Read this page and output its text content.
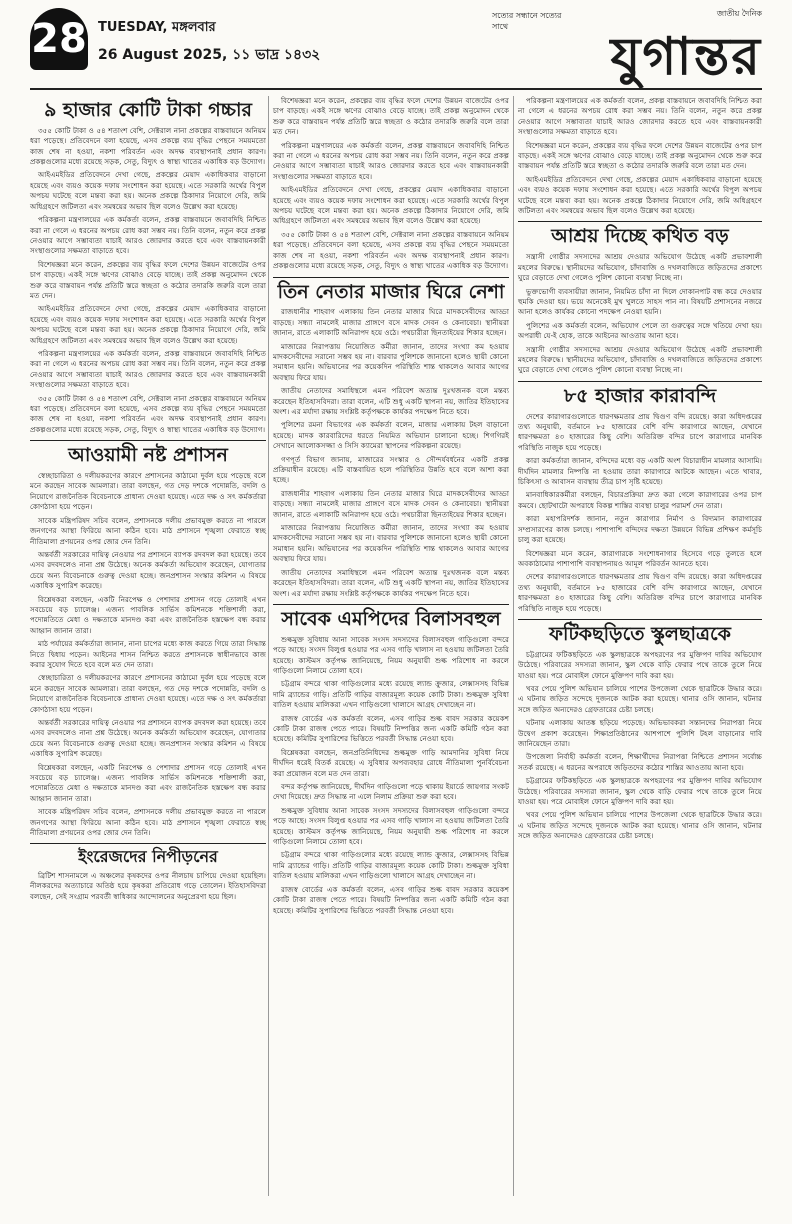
28 TUESDAY, মঙ্গলবার
26 August 2025, ১১ ভাদ্র ১৪৩২
সত্যের সন্ধানে সত্যের সাথে
জাতীয় দৈনিক
যুগান্তর
৯ হাজার কোটি টাকা গচ্চার

৩৫৫ কোটি টাকা ও ৫৪ শতাংশ বেশি, সেক্টরাল নানা প্রকল্পের বাস্তবায়নে অনিয়ম ধরা পড়েছে। প্রতিবেদনে বলা হয়েছে, এসব প্রকল্পে ব্যয় বৃদ্ধির পেছনে সময়মতো কাজ শেষ না হওয়া, নকশা পরিবর্তন এবং অদক্ষ ব্যবস্থাপনাই প্রধান কারণ। প্রকল্পগুলোর মধ্যে রয়েছে সড়ক, সেতু, বিদ্যুৎ ও স্বাস্থ্য খাতের একাধিক বড় উদ্যোগ।

আইএমইডির প্রতিবেদনে দেখা গেছে, প্রকল্পের মেয়াদ একাধিকবার বাড়ানো হয়েছে এবং ব্যয়ও কয়েক দফায় সংশোধন করা হয়েছে। এতে সরকারি অর্থের বিপুল অপচয় ঘটেছে বলে মন্তব্য করা হয়। অনেক প্রকল্পে ঠিকাদার নিয়োগে দেরি, জমি অধিগ্রহণে জটিলতা এবং সমন্বয়ের অভাব ছিল বলেও উল্লেখ করা হয়েছে।

পরিকল্পনা মন্ত্রণালয়ের এক কর্মকর্তা বলেন, প্রকল্প বাস্তবায়নে জবাবদিহি নিশ্চিত করা না গেলে এ ধরনের অপচয় রোধ করা সম্ভব নয়। তিনি বলেন, নতুন করে প্রকল্প নেওয়ার আগে সম্ভাব্যতা যাচাই আরও জোরদার করতে হবে এবং বাস্তবায়নকারী সংস্থাগুলোর সক্ষমতা বাড়াতে হবে।

বিশেষজ্ঞরা মনে করেন, প্রকল্পের ব্যয় বৃদ্ধির ফলে দেশের উন্নয়ন বাজেটের ওপর চাপ বাড়ছে। একই সঙ্গে ঋণের বোঝাও বেড়ে যাচ্ছে। তাই প্রকল্প অনুমোদন থেকে শুরু করে বাস্তবায়ন পর্যন্ত প্রতিটি স্তরে স্বচ্ছতা ও কঠোর তদারকি জরুরি বলে তারা মত দেন।

আইএমইডির প্রতিবেদনে দেখা গেছে, প্রকল্পের মেয়াদ একাধিকবার বাড়ানো হয়েছে এবং ব্যয়ও কয়েক দফায় সংশোধন করা হয়েছে। এতে সরকারি অর্থের বিপুল অপচয় ঘটেছে বলে মন্তব্য করা হয়। অনেক প্রকল্পে ঠিকাদার নিয়োগে দেরি, জমি অধিগ্রহণে জটিলতা এবং সমন্বয়ের অভাব ছিল বলেও উল্লেখ করা হয়েছে।

পরিকল্পনা মন্ত্রণালয়ের এক কর্মকর্তা বলেন, প্রকল্প বাস্তবায়নে জবাবদিহি নিশ্চিত করা না গেলে এ ধরনের অপচয় রোধ করা সম্ভব নয়। তিনি বলেন, নতুন করে প্রকল্প নেওয়ার আগে সম্ভাব্যতা যাচাই আরও জোরদার করতে হবে এবং বাস্তবায়নকারী সংস্থাগুলোর সক্ষমতা বাড়াতে হবে।

৩৫৫ কোটি টাকা ও ৫৪ শতাংশ বেশি, সেক্টরাল নানা প্রকল্পের বাস্তবায়নে অনিয়ম ধরা পড়েছে। প্রতিবেদনে বলা হয়েছে, এসব প্রকল্পে ব্যয় বৃদ্ধির পেছনে সময়মতো কাজ শেষ না হওয়া, নকশা পরিবর্তন এবং অদক্ষ ব্যবস্থাপনাই প্রধান কারণ। প্রকল্পগুলোর মধ্যে রয়েছে সড়ক, সেতু, বিদ্যুৎ ও স্বাস্থ্য খাতের একাধিক বড় উদ্যোগ।

আওয়ামী নষ্ট প্রশাসন

স্বেচ্ছাচারিতা ও দলীয়করণের কারণে প্রশাসনের কাঠামো দুর্বল হয়ে পড়েছে বলে মনে করছেন সাবেক আমলারা। তারা বলছেন, গত দেড় দশকে পদোন্নতি, বদলি ও নিয়োগে রাজনৈতিক বিবেচনাকে প্রাধান্য দেওয়া হয়েছে। এতে দক্ষ ও সৎ কর্মকর্তারা কোণঠাসা হয়ে পড়েন।

সাবেক মন্ত্রিপরিষদ সচিব বলেন, প্রশাসনকে দলীয় প্রভাবমুক্ত করতে না পারলে জনগণের আস্থা ফিরিয়ে আনা কঠিন হবে। মাঠ প্রশাসনে শৃঙ্খলা ফেরাতে স্বচ্ছ নীতিমালা প্রণয়নের ওপর জোর দেন তিনি।

অন্তর্বর্তী সরকারের দায়িত্ব নেওয়ার পর প্রশাসনে ব্যাপক রদবদল করা হয়েছে। তবে এসব রদবদলেও নানা প্রশ্ন উঠেছে। অনেক কর্মকর্তা অভিযোগ করেছেন, যোগ্যতার চেয়ে অন্য বিবেচনাকে গুরুত্ব দেওয়া হচ্ছে। জনপ্রশাসন সংস্কার কমিশন এ বিষয়ে একাধিক সুপারিশ করেছে।

বিশ্লেষকরা বলছেন, একটি নিরপেক্ষ ও পেশাদার প্রশাসন গড়ে তোলাই এখন সবচেয়ে বড় চ্যালেঞ্জ। এজন্য পাবলিক সার্ভিস কমিশনকে শক্তিশালী করা, পদোন্নতিতে মেধা ও দক্ষতাকে মানদণ্ড করা এবং রাজনৈতিক হস্তক্ষেপ বন্ধ করার আহ্বান জানান তারা।

মাঠ পর্যায়ের কর্মকর্তারা জানান, নানা চাপের মধ্যে কাজ করতে গিয়ে তারা সিদ্ধান্ত নিতে দ্বিধায় পড়েন। আইনের শাসন নিশ্চিত করতে প্রশাসনকে স্বাধীনভাবে কাজ করার সুযোগ দিতে হবে বলে মত দেন তারা।

স্বেচ্ছাচারিতা ও দলীয়করণের কারণে প্রশাসনের কাঠামো দুর্বল হয়ে পড়েছে বলে মনে করছেন সাবেক আমলারা। তারা বলছেন, গত দেড় দশকে পদোন্নতি, বদলি ও নিয়োগে রাজনৈতিক বিবেচনাকে প্রাধান্য দেওয়া হয়েছে। এতে দক্ষ ও সৎ কর্মকর্তারা কোণঠাসা হয়ে পড়েন।

অন্তর্বর্তী সরকারের দায়িত্ব নেওয়ার পর প্রশাসনে ব্যাপক রদবদল করা হয়েছে। তবে এসব রদবদলেও নানা প্রশ্ন উঠেছে। অনেক কর্মকর্তা অভিযোগ করেছেন, যোগ্যতার চেয়ে অন্য বিবেচনাকে গুরুত্ব দেওয়া হচ্ছে। জনপ্রশাসন সংস্কার কমিশন এ বিষয়ে একাধিক সুপারিশ করেছে।

বিশ্লেষকরা বলছেন, একটি নিরপেক্ষ ও পেশাদার প্রশাসন গড়ে তোলাই এখন সবচেয়ে বড় চ্যালেঞ্জ। এজন্য পাবলিক সার্ভিস কমিশনকে শক্তিশালী করা, পদোন্নতিতে মেধা ও দক্ষতাকে মানদণ্ড করা এবং রাজনৈতিক হস্তক্ষেপ বন্ধ করার আহ্বান জানান তারা।

সাবেক মন্ত্রিপরিষদ সচিব বলেন, প্রশাসনকে দলীয় প্রভাবমুক্ত করতে না পারলে জনগণের আস্থা ফিরিয়ে আনা কঠিন হবে। মাঠ প্রশাসনে শৃঙ্খলা ফেরাতে স্বচ্ছ নীতিমালা প্রণয়নের ওপর জোর দেন তিনি।

ইংরেজদের নিপীড়নের

ব্রিটিশ শাসনামলে এ অঞ্চলের কৃষকদের ওপর নীলচাষ চাপিয়ে দেওয়া হয়েছিল। নীলকরদের অত্যাচারে অতিষ্ঠ হয়ে কৃষকরা প্রতিরোধ গড়ে তোলেন। ইতিহাসবিদরা বলছেন, সেই সংগ্রাম পরবর্তী স্বাধিকার আন্দোলনের অনুপ্রেরণা হয়ে ছিল।

বিশেষজ্ঞরা মনে করেন, প্রকল্পের ব্যয় বৃদ্ধির ফলে দেশের উন্নয়ন বাজেটের ওপর চাপ বাড়ছে। একই সঙ্গে ঋণের বোঝাও বেড়ে যাচ্ছে। তাই প্রকল্প অনুমোদন থেকে শুরু করে বাস্তবায়ন পর্যন্ত প্রতিটি স্তরে স্বচ্ছতা ও কঠোর তদারকি জরুরি বলে তারা মত দেন।

পরিকল্পনা মন্ত্রণালয়ের এক কর্মকর্তা বলেন, প্রকল্প বাস্তবায়নে জবাবদিহি নিশ্চিত করা না গেলে এ ধরনের অপচয় রোধ করা সম্ভব নয়। তিনি বলেন, নতুন করে প্রকল্প নেওয়ার আগে সম্ভাব্যতা যাচাই আরও জোরদার করতে হবে এবং বাস্তবায়নকারী সংস্থাগুলোর সক্ষমতা বাড়াতে হবে।

আইএমইডির প্রতিবেদনে দেখা গেছে, প্রকল্পের মেয়াদ একাধিকবার বাড়ানো হয়েছে এবং ব্যয়ও কয়েক দফায় সংশোধন করা হয়েছে। এতে সরকারি অর্থের বিপুল অপচয় ঘটেছে বলে মন্তব্য করা হয়। অনেক প্রকল্পে ঠিকাদার নিয়োগে দেরি, জমি অধিগ্রহণে জটিলতা এবং সমন্বয়ের অভাব ছিল বলেও উল্লেখ করা হয়েছে।

৩৫৫ কোটি টাকা ও ৫৪ শতাংশ বেশি, সেক্টরাল নানা প্রকল্পের বাস্তবায়নে অনিয়ম ধরা পড়েছে। প্রতিবেদনে বলা হয়েছে, এসব প্রকল্পে ব্যয় বৃদ্ধির পেছনে সময়মতো কাজ শেষ না হওয়া, নকশা পরিবর্তন এবং অদক্ষ ব্যবস্থাপনাই প্রধান কারণ। প্রকল্পগুলোর মধ্যে রয়েছে সড়ক, সেতু, বিদ্যুৎ ও স্বাস্থ্য খাতের একাধিক বড় উদ্যোগ।

তিন নেতার মাজার ঘিরে নেশা

রাজধানীর শাহবাগ এলাকায় তিন নেতার মাজার ঘিরে মাদকসেবীদের আড্ডা বাড়ছে। সন্ধ্যা নামলেই মাজার প্রাঙ্গণে বসে মাদক সেবন ও কেনাবেচা। স্থানীয়রা জানান, রাতে এলাকাটি অনিরাপদ হয়ে ওঠে। পথচারীরা ছিনতাইয়ের শিকার হচ্ছেন।

মাজারের নিরাপত্তায় নিয়োজিত কর্মীরা জানান, তাদের সংখ্যা কম হওয়ায় মাদকসেবীদের সরানো সম্ভব হয় না। বারবার পুলিশকে জানানো হলেও স্থায়ী কোনো সমাধান হয়নি। অভিযানের পর কয়েকদিন পরিস্থিতি শান্ত থাকলেও আবার আগের অবস্থায় ফিরে যায়।

জাতীয় নেতাদের সমাধিস্থলে এমন পরিবেশ অত্যন্ত দুঃখজনক বলে মন্তব্য করেছেন ইতিহাসবিদরা। তারা বলেন, এটি শুধু একটি স্থাপনা নয়, জাতির ইতিহাসের অংশ। এর মর্যাদা রক্ষায় সংশ্লিষ্ট কর্তৃপক্ষকে কার্যকর পদক্ষেপ নিতে হবে।

পুলিশের রমনা বিভাগের এক কর্মকর্তা বলেন, মাজার এলাকায় টহল বাড়ানো হয়েছে। মাদক কারবারিদের ধরতে নিয়মিত অভিযান চালানো হচ্ছে। শিগগিরই সেখানে আলোকসজ্জা ও সিসি ক্যামেরা স্থাপনের পরিকল্পনা রয়েছে।

গণপূর্ত বিভাগ জানায়, মাজারের সংস্কার ও সৌন্দর্যবর্ধনের একটি প্রকল্প প্রক্রিয়াধীন রয়েছে। এটি বাস্তবায়িত হলে পরিস্থিতির উন্নতি হবে বলে আশা করা হচ্ছে।

রাজধানীর শাহবাগ এলাকায় তিন নেতার মাজার ঘিরে মাদকসেবীদের আড্ডা বাড়ছে। সন্ধ্যা নামলেই মাজার প্রাঙ্গণে বসে মাদক সেবন ও কেনাবেচা। স্থানীয়রা জানান, রাতে এলাকাটি অনিরাপদ হয়ে ওঠে। পথচারীরা ছিনতাইয়ের শিকার হচ্ছেন।

মাজারের নিরাপত্তায় নিয়োজিত কর্মীরা জানান, তাদের সংখ্যা কম হওয়ায় মাদকসেবীদের সরানো সম্ভব হয় না। বারবার পুলিশকে জানানো হলেও স্থায়ী কোনো সমাধান হয়নি। অভিযানের পর কয়েকদিন পরিস্থিতি শান্ত থাকলেও আবার আগের অবস্থায় ফিরে যায়।

জাতীয় নেতাদের সমাধিস্থলে এমন পরিবেশ অত্যন্ত দুঃখজনক বলে মন্তব্য করেছেন ইতিহাসবিদরা। তারা বলেন, এটি শুধু একটি স্থাপনা নয়, জাতির ইতিহাসের অংশ। এর মর্যাদা রক্ষায় সংশ্লিষ্ট কর্তৃপক্ষকে কার্যকর পদক্ষেপ নিতে হবে।

সাবেক এমপিদের বিলাসবহুল

শুল্কমুক্ত সুবিধায় আনা সাবেক সংসদ সদস্যদের বিলাসবহুল গাড়িগুলো বন্দরে পড়ে আছে। সংসদ বিলুপ্ত হওয়ার পর এসব গাড়ি খালাস না হওয়ায় জটিলতা তৈরি হয়েছে। কাস্টমস কর্তৃপক্ষ জানিয়েছে, নিয়ম অনুযায়ী শুল্ক পরিশোধ না করলে গাড়িগুলো নিলামে তোলা হবে।

চট্টগ্রাম বন্দরে থাকা গাড়িগুলোর মধ্যে রয়েছে ল্যান্ড ক্রুজার, লেক্সাসসহ বিভিন্ন দামি ব্র্যান্ডের গাড়ি। প্রতিটি গাড়ির বাজারমূল্য কয়েক কোটি টাকা। শুল্কমুক্ত সুবিধা বাতিল হওয়ায় মালিকরা এখন গাড়িগুলো খালাসে আগ্রহ দেখাচ্ছেন না।

রাজস্ব বোর্ডের এক কর্মকর্তা বলেন, এসব গাড়ির শুল্ক বাবদ সরকার কয়েকশ কোটি টাকা রাজস্ব পেতে পারে। বিষয়টি নিষ্পত্তির জন্য একটি কমিটি গঠন করা হয়েছে। কমিটির সুপারিশের ভিত্তিতে পরবর্তী সিদ্ধান্ত নেওয়া হবে।

বিশ্লেষকরা বলছেন, জনপ্রতিনিধিদের শুল্কমুক্ত গাড়ি আমদানির সুবিধা নিয়ে দীর্ঘদিন ধরেই বিতর্ক রয়েছে। এ সুবিধার অপব্যবহার রোধে নীতিমালা পুনর্বিবেচনা করা প্রয়োজন বলে মত দেন তারা।

বন্দর কর্তৃপক্ষ জানিয়েছে, দীর্ঘদিন গাড়িগুলো পড়ে থাকায় ইয়ার্ডে জায়গার সংকট দেখা দিয়েছে। দ্রুত সিদ্ধান্ত না এলে নিলাম প্রক্রিয়া শুরু করা হবে।

শুল্কমুক্ত সুবিধায় আনা সাবেক সংসদ সদস্যদের বিলাসবহুল গাড়িগুলো বন্দরে পড়ে আছে। সংসদ বিলুপ্ত হওয়ার পর এসব গাড়ি খালাস না হওয়ায় জটিলতা তৈরি হয়েছে। কাস্টমস কর্তৃপক্ষ জানিয়েছে, নিয়ম অনুযায়ী শুল্ক পরিশোধ না করলে গাড়িগুলো নিলামে তোলা হবে।

চট্টগ্রাম বন্দরে থাকা গাড়িগুলোর মধ্যে রয়েছে ল্যান্ড ক্রুজার, লেক্সাসসহ বিভিন্ন দামি ব্র্যান্ডের গাড়ি। প্রতিটি গাড়ির বাজারমূল্য কয়েক কোটি টাকা। শুল্কমুক্ত সুবিধা বাতিল হওয়ায় মালিকরা এখন গাড়িগুলো খালাসে আগ্রহ দেখাচ্ছেন না।

রাজস্ব বোর্ডের এক কর্মকর্তা বলেন, এসব গাড়ির শুল্ক বাবদ সরকার কয়েকশ কোটি টাকা রাজস্ব পেতে পারে। বিষয়টি নিষ্পত্তির জন্য একটি কমিটি গঠন করা হয়েছে। কমিটির সুপারিশের ভিত্তিতে পরবর্তী সিদ্ধান্ত নেওয়া হবে।

পরিকল্পনা মন্ত্রণালয়ের এক কর্মকর্তা বলেন, প্রকল্প বাস্তবায়নে জবাবদিহি নিশ্চিত করা না গেলে এ ধরনের অপচয় রোধ করা সম্ভব নয়। তিনি বলেন, নতুন করে প্রকল্প নেওয়ার আগে সম্ভাব্যতা যাচাই আরও জোরদার করতে হবে এবং বাস্তবায়নকারী সংস্থাগুলোর সক্ষমতা বাড়াতে হবে।

বিশেষজ্ঞরা মনে করেন, প্রকল্পের ব্যয় বৃদ্ধির ফলে দেশের উন্নয়ন বাজেটের ওপর চাপ বাড়ছে। একই সঙ্গে ঋণের বোঝাও বেড়ে যাচ্ছে। তাই প্রকল্প অনুমোদন থেকে শুরু করে বাস্তবায়ন পর্যন্ত প্রতিটি স্তরে স্বচ্ছতা ও কঠোর তদারকি জরুরি বলে তারা মত দেন।

আইএমইডির প্রতিবেদনে দেখা গেছে, প্রকল্পের মেয়াদ একাধিকবার বাড়ানো হয়েছে এবং ব্যয়ও কয়েক দফায় সংশোধন করা হয়েছে। এতে সরকারি অর্থের বিপুল অপচয় ঘটেছে বলে মন্তব্য করা হয়। অনেক প্রকল্পে ঠিকাদার নিয়োগে দেরি, জমি অধিগ্রহণে জটিলতা এবং সমন্বয়ের অভাব ছিল বলেও উল্লেখ করা হয়েছে।

আশ্রয় দিচ্ছে কথিত বড়

সন্ত্রাসী গোষ্ঠীর সদস্যদের আশ্রয় দেওয়ার অভিযোগ উঠেছে একটি প্রভাবশালী মহলের বিরুদ্ধে। স্থানীয়দের অভিযোগ, চাঁদাবাজি ও দখলবাজিতে জড়িতদের প্রকাশ্যে ঘুরে বেড়াতে দেখা গেলেও পুলিশ কোনো ব্যবস্থা নিচ্ছে না।

ভুক্তভোগী ব্যবসায়ীরা জানান, নিয়মিত চাঁদা না দিলে দোকানপাট বন্ধ করে দেওয়ার হুমকি দেওয়া হয়। ভয়ে অনেকেই মুখ খুলতে সাহস পান না। বিষয়টি প্রশাসনের নজরে আনা হলেও কার্যকর কোনো পদক্ষেপ নেওয়া হয়নি।

পুলিশের এক কর্মকর্তা বলেন, অভিযোগ পেলে তা গুরুত্বের সঙ্গে খতিয়ে দেখা হয়। অপরাধী যে-ই হোক, তাকে আইনের আওতায় আনা হবে।

সন্ত্রাসী গোষ্ঠীর সদস্যদের আশ্রয় দেওয়ার অভিযোগ উঠেছে একটি প্রভাবশালী মহলের বিরুদ্ধে। স্থানীয়দের অভিযোগ, চাঁদাবাজি ও দখলবাজিতে জড়িতদের প্রকাশ্যে ঘুরে বেড়াতে দেখা গেলেও পুলিশ কোনো ব্যবস্থা নিচ্ছে না।

৮৫ হাজার কারাবন্দি

দেশের কারাগারগুলোতে ধারণক্ষমতার প্রায় দ্বিগুণ বন্দি রয়েছে। কারা অধিদপ্তরের তথ্য অনুযায়ী, বর্তমানে ৮৫ হাজারের বেশি বন্দি কারাগারে আছেন, যেখানে ধারণক্ষমতা ৪৩ হাজারের কিছু বেশি। অতিরিক্ত বন্দির চাপে কারাগারে মানবিক পরিস্থিতি নাজুক হয়ে পড়েছে।

কারা কর্মকর্তারা জানান, বন্দিদের মধ্যে বড় একটি অংশ বিচারাধীন মামলার আসামি। দীর্ঘদিন মামলার নিষ্পত্তি না হওয়ায় তারা কারাগারে আটকে আছেন। এতে খাবার, চিকিৎসা ও আবাসন ব্যবস্থায় তীব্র চাপ সৃষ্টি হয়েছে।

মানবাধিকারকর্মীরা বলছেন, বিচারপ্রক্রিয়া দ্রুত করা গেলে কারাগারের ওপর চাপ কমবে। ছোটখাটো অপরাধে বিকল্প শাস্তির ব্যবস্থা চালুর পরামর্শ দেন তারা।

কারা মহাপরিদর্শক জানান, নতুন কারাগার নির্মাণ ও বিদ্যমান কারাগারের সম্প্রসারণের কাজ চলছে। পাশাপাশি বন্দিদের দক্ষতা উন্নয়নে বিভিন্ন প্রশিক্ষণ কর্মসূচি চালু করা হয়েছে।

বিশেষজ্ঞরা মনে করেন, কারাগারকে সংশোধনাগার হিসেবে গড়ে তুলতে হলে অবকাঠামোর পাশাপাশি ব্যবস্থাপনায়ও আমূল পরিবর্তন আনতে হবে।

দেশের কারাগারগুলোতে ধারণক্ষমতার প্রায় দ্বিগুণ বন্দি রয়েছে। কারা অধিদপ্তরের তথ্য অনুযায়ী, বর্তমানে ৮৫ হাজারের বেশি বন্দি কারাগারে আছেন, যেখানে ধারণক্ষমতা ৪৩ হাজারের কিছু বেশি। অতিরিক্ত বন্দির চাপে কারাগারে মানবিক পরিস্থিতি নাজুক হয়ে পড়েছে।

ফটিকছড়িতে স্কুলছাত্রকে

চট্টগ্রামের ফটিকছড়িতে এক স্কুলছাত্রকে অপহরণের পর মুক্তিপণ দাবির অভিযোগ উঠেছে। পরিবারের সদস্যরা জানান, স্কুল থেকে বাড়ি ফেরার পথে তাকে তুলে নিয়ে যাওয়া হয়। পরে মোবাইল ফোনে মুক্তিপণ দাবি করা হয়।

খবর পেয়ে পুলিশ অভিযান চালিয়ে পাশের উপজেলা থেকে ছাত্রটিকে উদ্ধার করে। এ ঘটনায় জড়িত সন্দেহে দুজনকে আটক করা হয়েছে। থানার ওসি জানান, ঘটনার সঙ্গে জড়িত অন্যদেরও গ্রেফতারের চেষ্টা চলছে।

ঘটনায় এলাকায় আতঙ্ক ছড়িয়ে পড়েছে। অভিভাবকরা সন্তানদের নিরাপত্তা নিয়ে উদ্বেগ প্রকাশ করেছেন। শিক্ষাপ্রতিষ্ঠানের আশপাশে পুলিশি টহল বাড়ানোর দাবি জানিয়েছেন তারা।

উপজেলা নির্বাহী কর্মকর্তা বলেন, শিক্ষার্থীদের নিরাপত্তা নিশ্চিতে প্রশাসন সর্বোচ্চ সতর্ক রয়েছে। এ ধরনের অপরাধে জড়িতদের কঠোর শাস্তির আওতায় আনা হবে।

চট্টগ্রামের ফটিকছড়িতে এক স্কুলছাত্রকে অপহরণের পর মুক্তিপণ দাবির অভিযোগ উঠেছে। পরিবারের সদস্যরা জানান, স্কুল থেকে বাড়ি ফেরার পথে তাকে তুলে নিয়ে যাওয়া হয়। পরে মোবাইল ফোনে মুক্তিপণ দাবি করা হয়।

খবর পেয়ে পুলিশ অভিযান চালিয়ে পাশের উপজেলা থেকে ছাত্রটিকে উদ্ধার করে। এ ঘটনায় জড়িত সন্দেহে দুজনকে আটক করা হয়েছে। থানার ওসি জানান, ঘটনার সঙ্গে জড়িত অন্যদেরও গ্রেফতারের চেষ্টা চলছে।
